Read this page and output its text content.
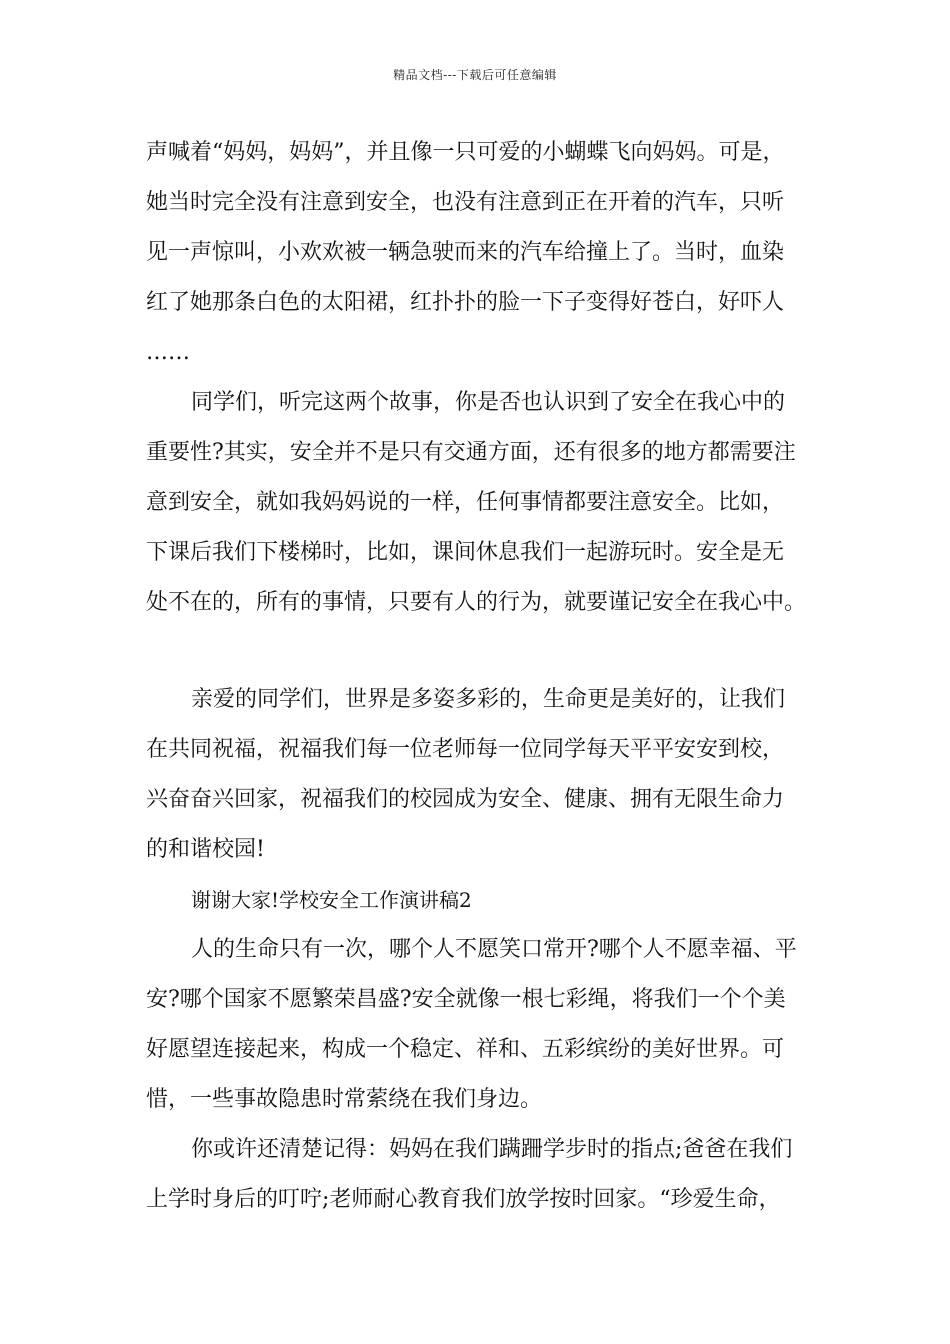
精品文档---下载后可任意编辑
声喊着“妈妈，妈妈”，并且像一只可爱的小蝴蝶飞向妈妈。可是，
她当时完全没有注意到安全，也没有注意到正在开着的汽车，只听
见一声惊叫，小欢欢被一辆急驶而来的汽车给撞上了。当时，血染
红了她那条白色的太阳裙，红扑扑的脸一下子变得好苍白，好吓人
……
同学们，听完这两个故事，你是否也认识到了安全在我心中的
重要性?其实，安全并不是只有交通方面，还有很多的地方都需要注
意到安全，就如我妈妈说的一样，任何事情都要注意安全。比如，
下课后我们下楼梯时，比如，课间休息我们一起游玩时。安全是无
处不在的，所有的事情，只要有人的行为，就要谨记安全在我心中。
亲爱的同学们，世界是多姿多彩的，生命更是美好的，让我们
在共同祝福，祝福我们每一位老师每一位同学每天平平安安到校，
兴奋奋兴回家，祝福我们的校园成为安全、健康、拥有无限生命力
的和谐校园!
谢谢大家!学校安全工作演讲稿2
人的生命只有一次，哪个人不愿笑口常开?哪个人不愿幸福、平
安?哪个国家不愿繁荣昌盛?安全就像一根七彩绳，将我们一个个美
好愿望连接起来，构成一个稳定、祥和、五彩缤纷的美好世界。可
惜，一些事故隐患时常萦绕在我们身边。
你或许还清楚记得：妈妈在我们蹒跚学步时的指点;爸爸在我们
上学时身后的叮咛;老师耐心教育我们放学按时回家。“珍爱生命，
